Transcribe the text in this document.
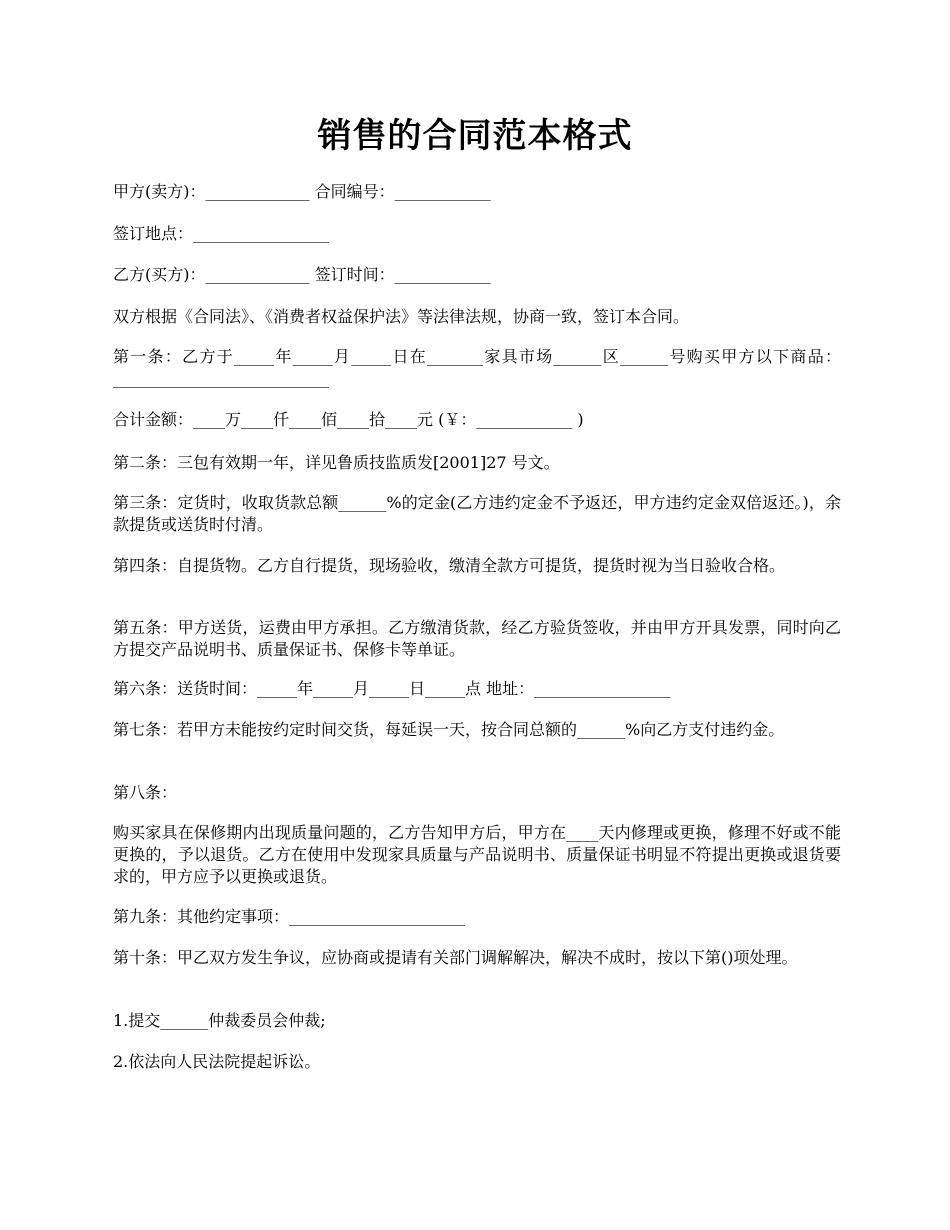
销售的合同范本格式
甲方(卖方)：_____________ 合同编号：____________
签订地点：_________________
乙方(买方)：_____________ 签订时间：____________
双方根据《合同法》、《消费者权益保护法》等法律法规，协商一致，签订本合同。
第一条：乙方于_____年_____月_____日在_______家具市场______区______号购买甲方以下商品：___________________________
合计金额：____万____仟____佰____拾____元 (￥：____________ )
第二条：三包有效期一年，详见鲁质技监质发[2001]27 号文。
第三条：定货时，收取货款总额______%的定金(乙方违约定金不予返还，甲方违约定金双倍返还。)，余款提货或送货时付清。
第四条：自提货物。乙方自行提货，现场验收，缴清全款方可提货，提货时视为当日验收合格。
第五条：甲方送货，运费由甲方承担。乙方缴清货款，经乙方验货签收，并由甲方开具发票，同时向乙方提交产品说明书、质量保证书、保修卡等单证。
第六条：送货时间：_____年_____月_____日_____点 地址：_________________
第七条：若甲方未能按约定时间交货，每延误一天，按合同总额的______%向乙方支付违约金。
第八条：
购买家具在保修期内出现质量问题的，乙方告知甲方后，甲方在____天内修理或更换，修理不好或不能更换的，予以退货。乙方在使用中发现家具质量与产品说明书、质量保证书明显不符提出更换或退货要求的，甲方应予以更换或退货。
第九条：其他约定事项：______________________
第十条：甲乙双方发生争议，应协商或提请有关部门调解解决，解决不成时，按以下第()项处理。
1.提交______仲裁委员会仲裁;
2.依法向人民法院提起诉讼。
